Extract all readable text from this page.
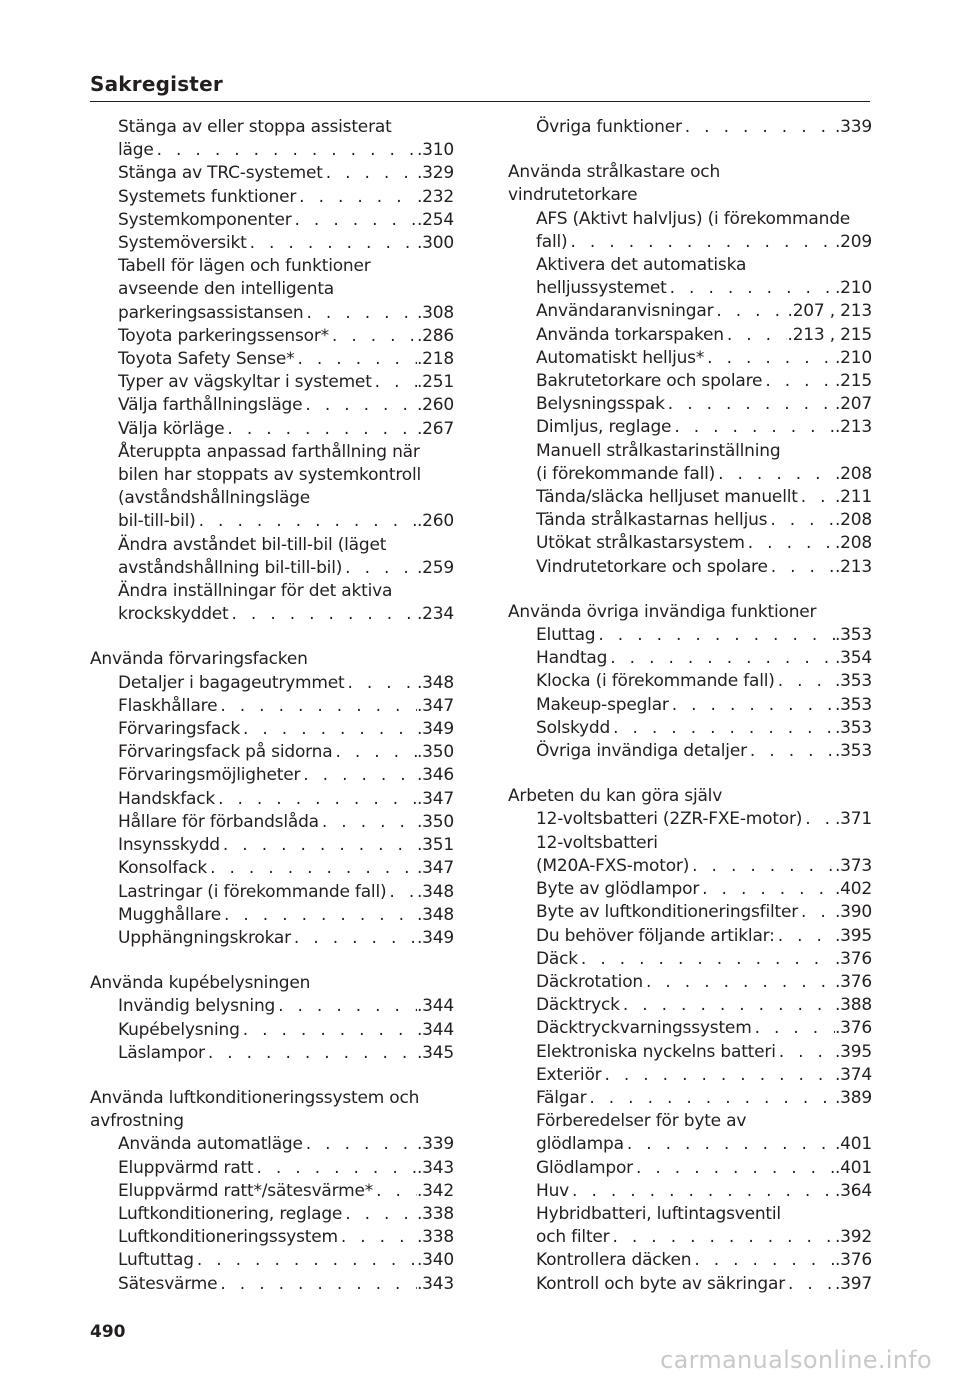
Sakregister
Stänga av eller stoppa assisterat
läge . . .	.310
Stänga av TRC-systemet . . .	.329
Systemets funktioner . . .	.232
Systemkomponenter . . .	.254
Systemöversikt . . .	.300
Tabell för lägen och funktioner
avseende den intelligenta
parkeringsassistansen . . .	.308
Toyota parkeringssensor* . . .	.286
Toyota Safety Sense* . . .	.218
Typer av vägskyltar i systemet . . .	.251
Välja farthållningsläge . . .	.260
Välja körläge . . .	.267
Återuppta anpassad farthållning när
bilen har stoppats av systemkontroll
(avståndshållningsläge
bil-till-bil) . . .	.260
Ändra avståndet bil-till-bil (läget
avståndshållning bil-till-bil) . . .	.259
Ändra inställningar för det aktiva
krockskyddet . . .	.234
Använda förvaringsfacken
Detaljer i bagageutrymmet . . .	.348
Flaskhållare . . .	.347
Förvaringsfack . . .	.349
Förvaringsfack på sidorna . . .	.350
Förvaringsmöjligheter . . .	.346
Handskfack . . .	.347
Hållare för förbandslåda . . .	.350
Insynsskydd . . .	.351
Konsolfack . . .	.347
Lastringar (i förekommande fall) . . . .348
Mugghållare . . .	.348
Upphängningskrokar . . .	.349
Använda kupébelysningen
Invändig belysning . . .	.344
Kupébelysning . . .	.344
Läslampor . . .	.345
Använda luftkonditioneringssystem och
avfrostning
Använda automatläge . . .	.339
Eluppvärmd ratt . . .	.343
Eluppvärmd ratt*/sätesvärme* . . .	.342
Luftkonditionering, reglage . . .	.338
Luftkonditioneringssystem . . .	.338
Luftuttag . . .	.340
Sätesvärme . . .	.343
Övriga funktioner . . .	.339
Använda strålkastare och
vindrutetorkare
AFS (Aktivt halvljus) (i förekommande
fall) . . .	.209
Aktivera det automatiska
helljussystemet . . .	.210
Användaranvisningar . . .	.207 , 213
Använda torkarspaken . . .	.213 , 215
Automatiskt helljus* . . .	.210
Bakrutetorkare och spolare . . .	.215
Belysningsspak . . .	.207
Dimljus, reglage . . .	.213
Manuell strålkastarinställning
(i förekommande fall) . . .	.208
Tända/släcka helljuset manuellt . . . .211
Tända strålkastarnas helljus . . .	.208
Utökat strålkastarsystem . . .	.208
Vindrutetorkare och spolare . . .	.213
Använda övriga invändiga funktioner
Eluttag . . .	.353
Handtag . . .	.354
Klocka (i förekommande fall) . . .	.353
Makeup-speglar . . .	.353
Solskydd . . .	.353
Övriga invändiga detaljer . . .	.353
Arbeten du kan göra själv
12-voltsbatteri (2ZR-FXE-motor) . . . .371
12-voltsbatteri
(M20A-FXS-motor) . . .	.373
Byte av glödlampor . . .	.402
Byte av luftkonditioneringsfilter . . . .390
Du behöver följande artiklar: . . .	.395
Däck . . .	.376
Däckrotation . . .	.376
Däcktryck . . .	.388
Däcktryckvarningssystem . . .	.376
Elektroniska nyckelns batteri . . .	.395
Exteriör . . .	.374
Fälgar . . .	.389
Förberedelser för byte av
glödlampa . . .	.401
Glödlampor . . .	.401
Huv . . .	.364
Hybridbatteri, luftintagsventil
och filter . . .	.392
Kontrollera däcken . . .	.376
Kontroll och byte av säkringar . . .	.397
490
carmanualsonline.info
